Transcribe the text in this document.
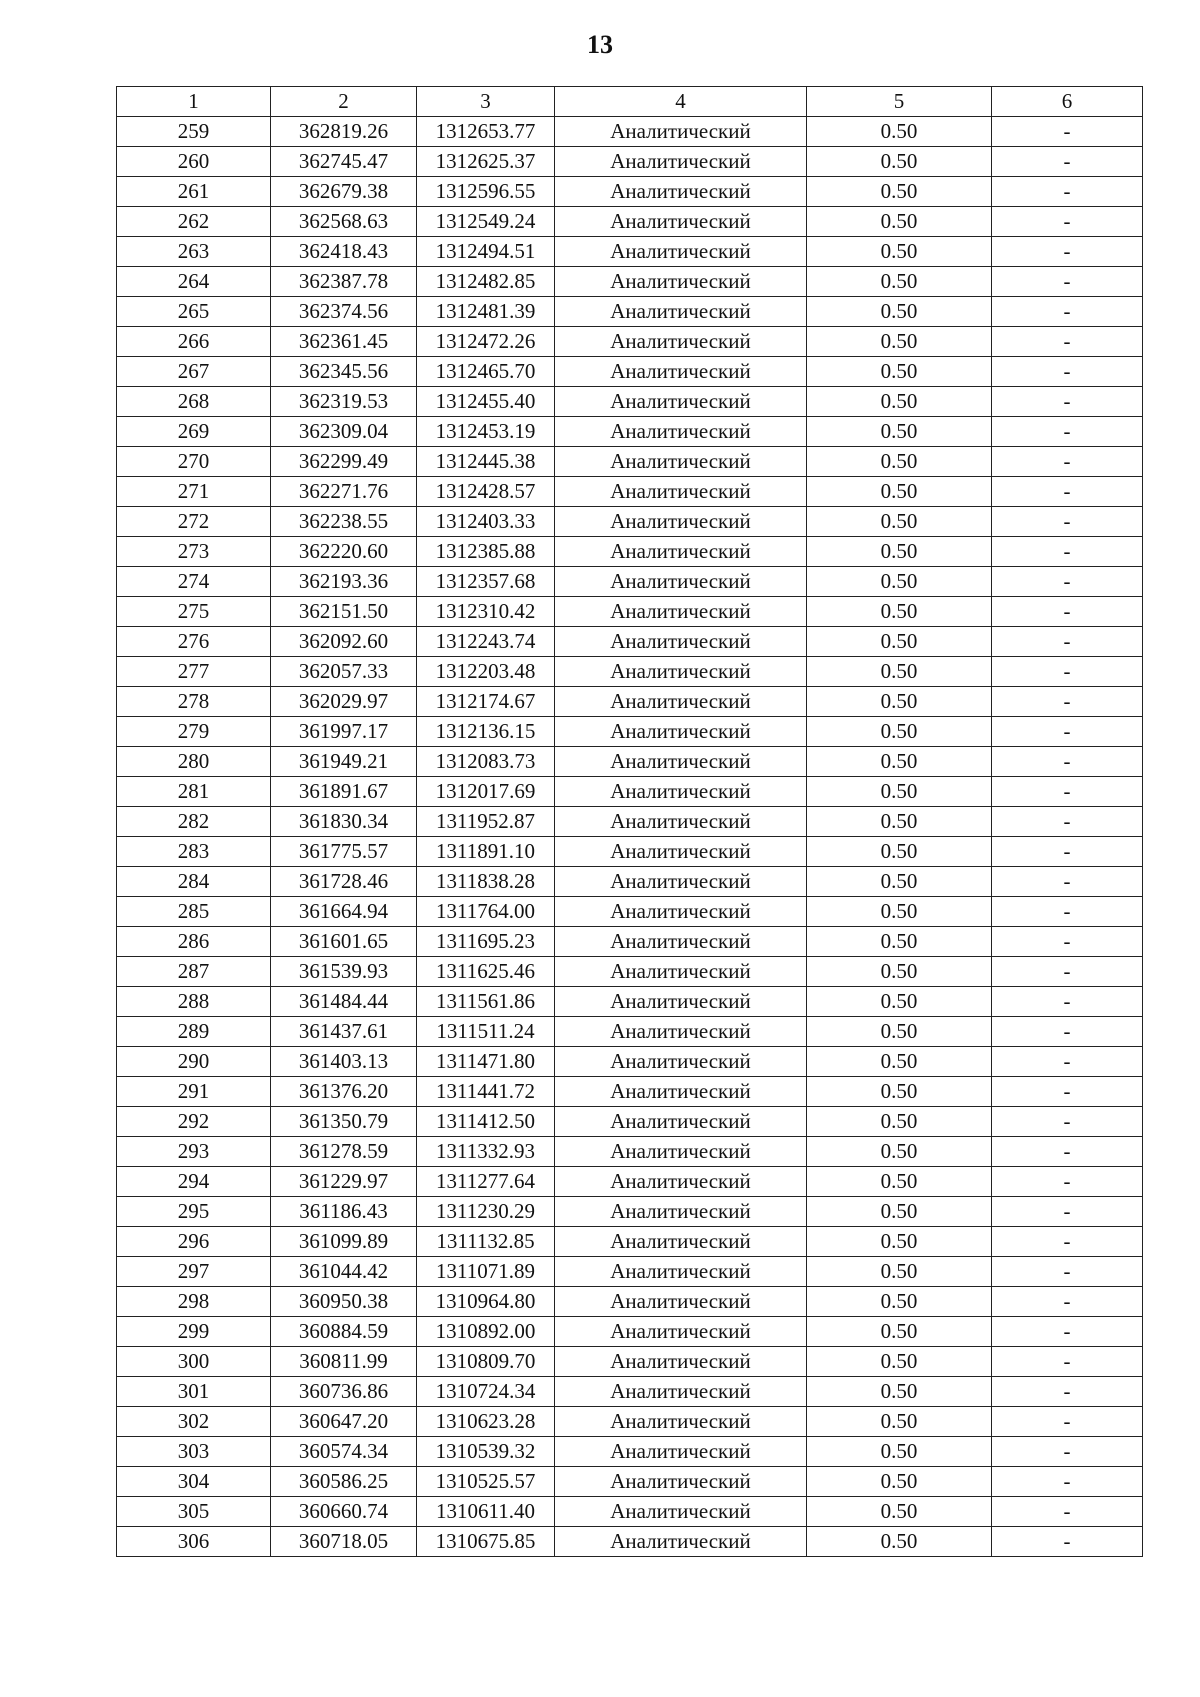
13
1	2	3	4	5	6
259	362819.26	1312653.77	Аналитический	0.50	-
260	362745.47	1312625.37	Аналитический	0.50	-
261	362679.38	1312596.55	Аналитический	0.50	-
262	362568.63	1312549.24	Аналитический	0.50	-
263	362418.43	1312494.51	Аналитический	0.50	-
264	362387.78	1312482.85	Аналитический	0.50	-
265	362374.56	1312481.39	Аналитический	0.50	-
266	362361.45	1312472.26	Аналитический	0.50	-
267	362345.56	1312465.70	Аналитический	0.50	-
268	362319.53	1312455.40	Аналитический	0.50	-
269	362309.04	1312453.19	Аналитический	0.50	-
270	362299.49	1312445.38	Аналитический	0.50	-
271	362271.76	1312428.57	Аналитический	0.50	-
272	362238.55	1312403.33	Аналитический	0.50	-
273	362220.60	1312385.88	Аналитический	0.50	-
274	362193.36	1312357.68	Аналитический	0.50	-
275	362151.50	1312310.42	Аналитический	0.50	-
276	362092.60	1312243.74	Аналитический	0.50	-
277	362057.33	1312203.48	Аналитический	0.50	-
278	362029.97	1312174.67	Аналитический	0.50	-
279	361997.17	1312136.15	Аналитический	0.50	-
280	361949.21	1312083.73	Аналитический	0.50	-
281	361891.67	1312017.69	Аналитический	0.50	-
282	361830.34	1311952.87	Аналитический	0.50	-
283	361775.57	1311891.10	Аналитический	0.50	-
284	361728.46	1311838.28	Аналитический	0.50	-
285	361664.94	1311764.00	Аналитический	0.50	-
286	361601.65	1311695.23	Аналитический	0.50	-
287	361539.93	1311625.46	Аналитический	0.50	-
288	361484.44	1311561.86	Аналитический	0.50	-
289	361437.61	1311511.24	Аналитический	0.50	-
290	361403.13	1311471.80	Аналитический	0.50	-
291	361376.20	1311441.72	Аналитический	0.50	-
292	361350.79	1311412.50	Аналитический	0.50	-
293	361278.59	1311332.93	Аналитический	0.50	-
294	361229.97	1311277.64	Аналитический	0.50	-
295	361186.43	1311230.29	Аналитический	0.50	-
296	361099.89	1311132.85	Аналитический	0.50	-
297	361044.42	1311071.89	Аналитический	0.50	-
298	360950.38	1310964.80	Аналитический	0.50	-
299	360884.59	1310892.00	Аналитический	0.50	-
300	360811.99	1310809.70	Аналитический	0.50	-
301	360736.86	1310724.34	Аналитический	0.50	-
302	360647.20	1310623.28	Аналитический	0.50	-
303	360574.34	1310539.32	Аналитический	0.50	-
304	360586.25	1310525.57	Аналитический	0.50	-
305	360660.74	1310611.40	Аналитический	0.50	-
306	360718.05	1310675.85	Аналитический	0.50	-
